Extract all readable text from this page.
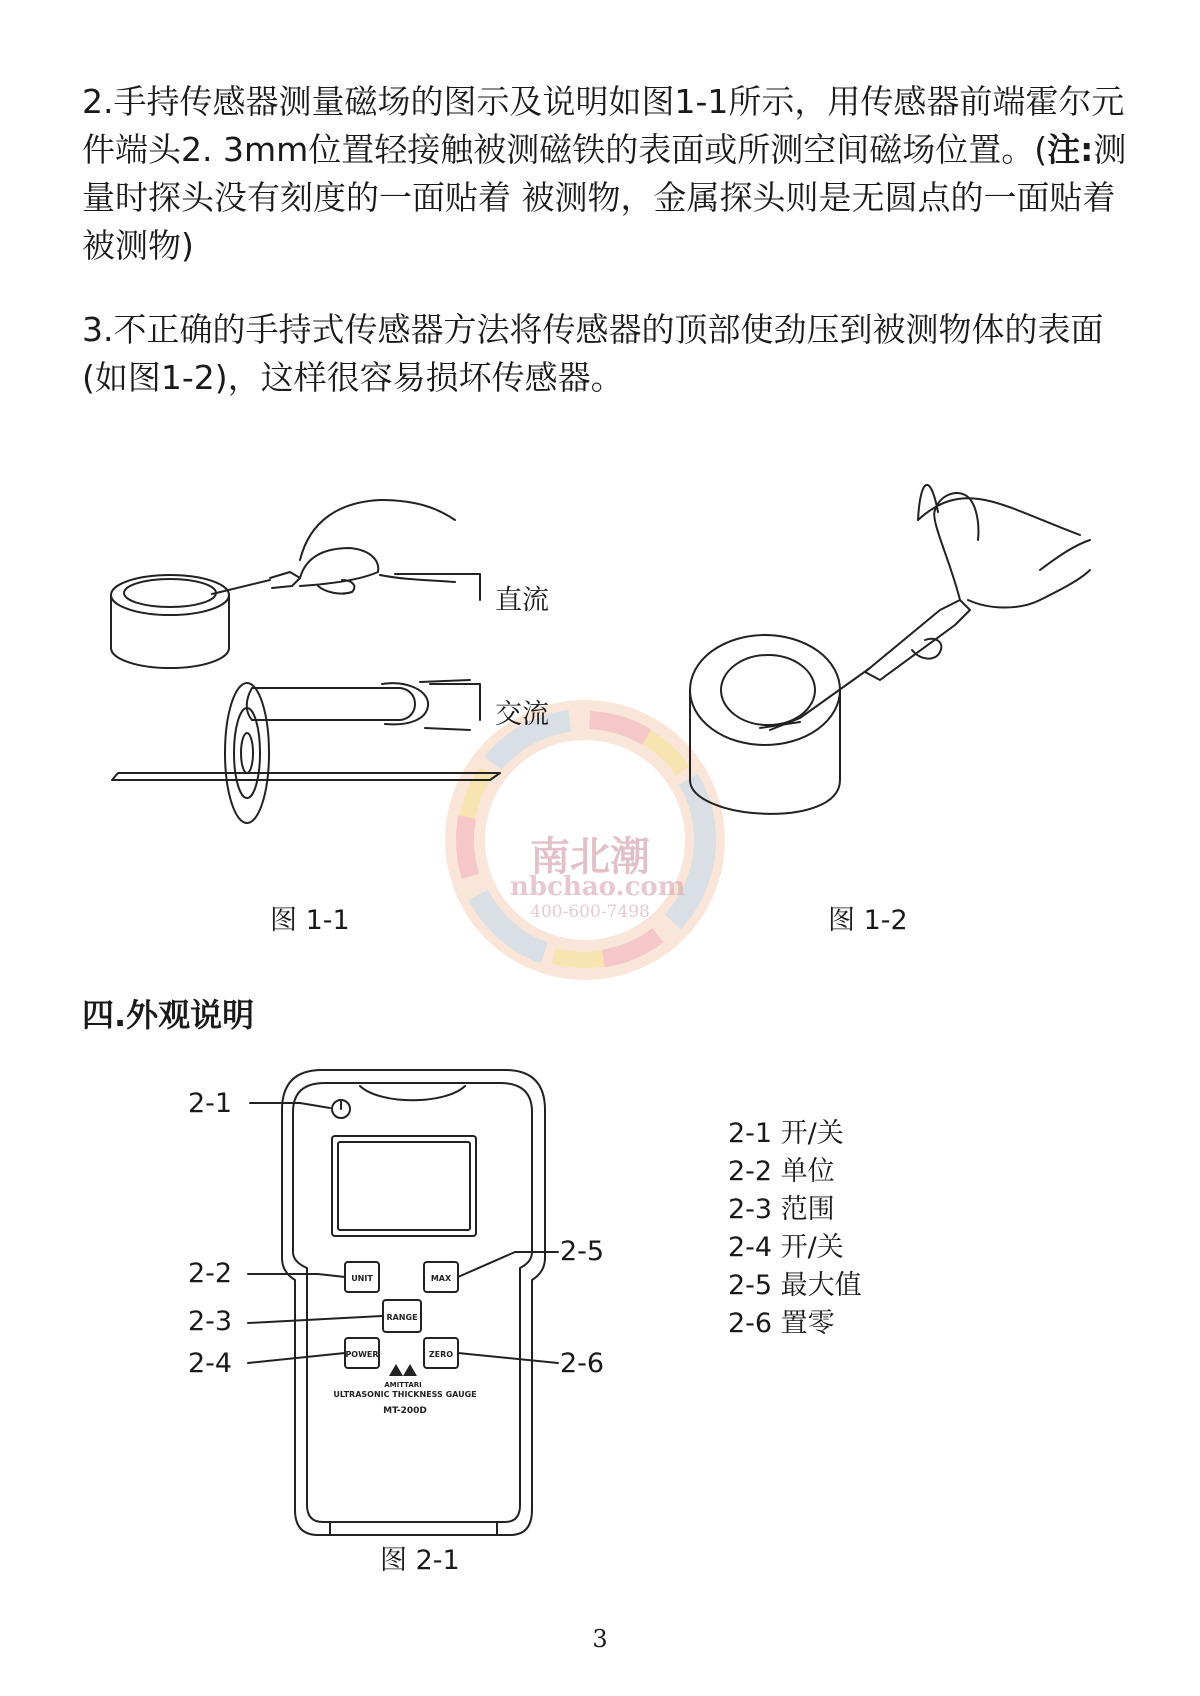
2.手持传感器测量磁场的图示及说明如图1-1所示，用传感器前端霍尔元件端头2. 3mm位置轻接触被测磁铁的表面或所测空间磁场位置。(注:测量时探头没有刻度的一面贴着 被测物，金属探头则是无圆点的一面贴着被测物)

3.不正确的手持式传感器方法将传感器的顶部使劲压到被测物体的表面(如图1-2)，这样很容易损坏传感器。

南北潮
nbchao.com
400-600-7498
直流
交流
图 1-1	图 1-2
四.外观说明
UNIT	MAX
RANGE
POWER	ZERO
AMITTARI
ULTRASONIC THICKNESS GAUGE
MT-200D
2-1
2-2
2-3
2-4
2-5
2-6
图 2-1
2-1 开/关
2-2 单位
2-3 范围
2-4 开/关
2-5 最大值
2-6 置零
3
